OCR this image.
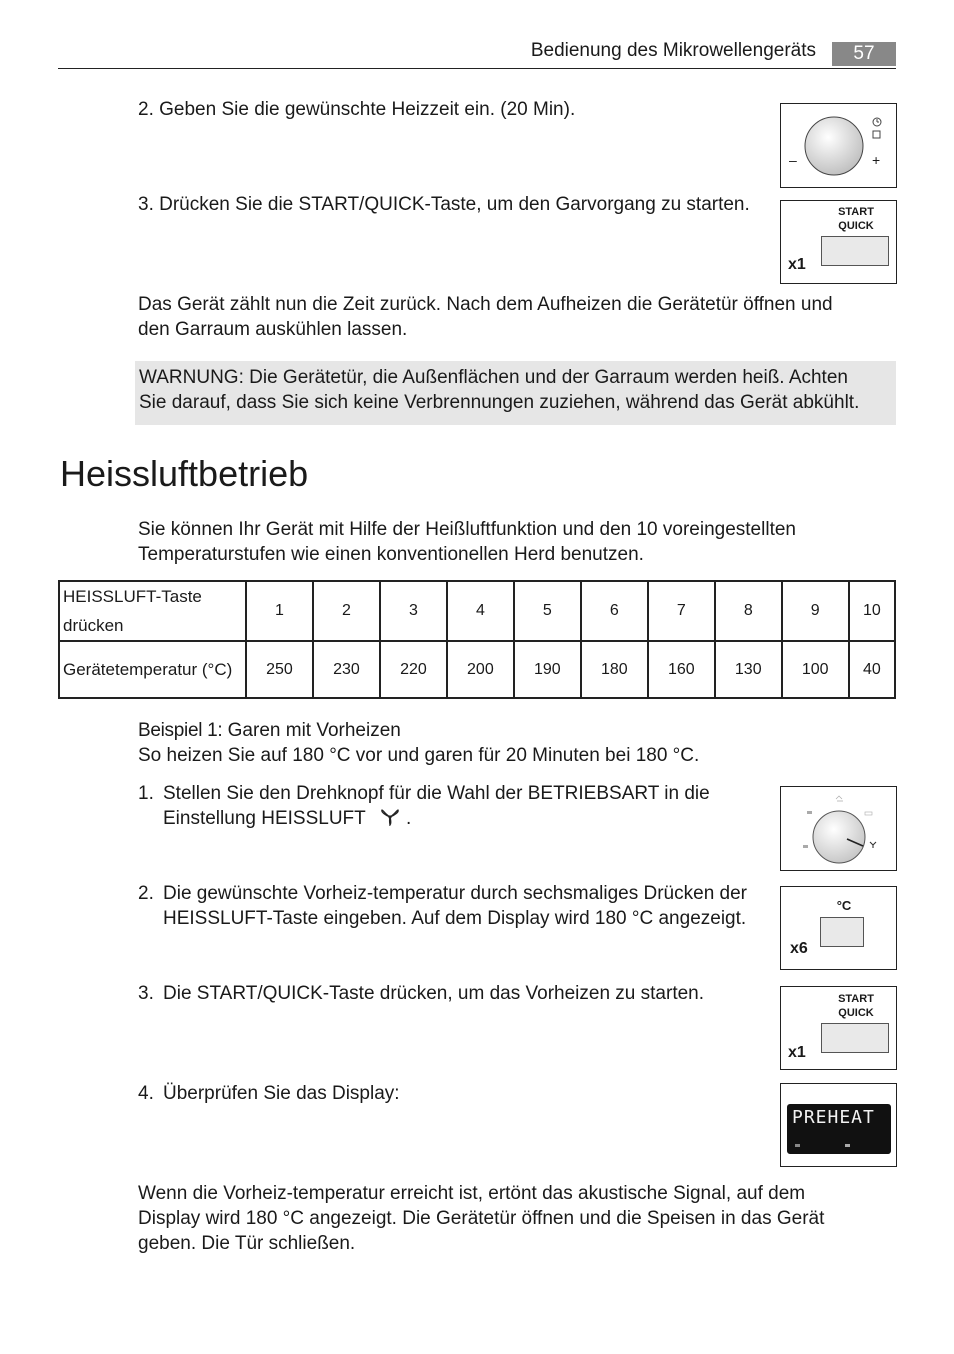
Bedienung des Mikrowellengeräts	57
2. Geben Sie die gewünschte Heizzeit ein. (20 Min).
3. Drücken Sie die START/QUICK-Taste, um den Garvorgang zu starten.
–	+
START
QUICK
x1
Das Gerät zählt nun die Zeit zurück. Nach dem Aufheizen die Gerätetür öffnen und
den Garraum auskühlen lassen.
WARNUNG: Die Gerätetür, die Außenflächen und der Garraum werden heiß. Achten
Sie darauf, dass Sie sich keine Verbrennungen zuziehen, während das Gerät abkühlt.
Heissluftbetrieb
Sie können Ihr Gerät mit Hilfe der Heißluftfunktion und den 10 voreingestellten
Temperaturstufen wie einen konventionellen Herd benutzen.
HEISSLUFT-Taste
drücken	1	2	3	4	5	6	7	8	9	10
Gerätetemperatur (°C)	250	230	220	200	190	180	160	130	100	40
Beispiel 1: Garen mit Vorheizen
So heizen Sie auf 180 °C vor und garen für 20 Minuten bei 180 °C.
1. Stellen Sie den Drehknopf für die Wahl der BETRIEBSART in die
Einstellung HEISSLUFT  .
2. Die gewünschte Vorheiz-temperatur durch sechsmaliges Drücken der
HEISSLUFT-Taste eingeben. Auf dem Display wird 180 °C angezeigt.
3. Die START/QUICK-Taste drücken, um das Vorheizen zu starten.
4. Überprüfen Sie das Display:
°C
x6
START
QUICK
x1
PREHEAT
Wenn die Vorheiz-temperatur erreicht ist, ertönt das akustische Signal, auf dem
Display wird 180 °C angezeigt. Die Gerätetür öffnen und die Speisen in das Gerät
geben. Die Tür schließen.
